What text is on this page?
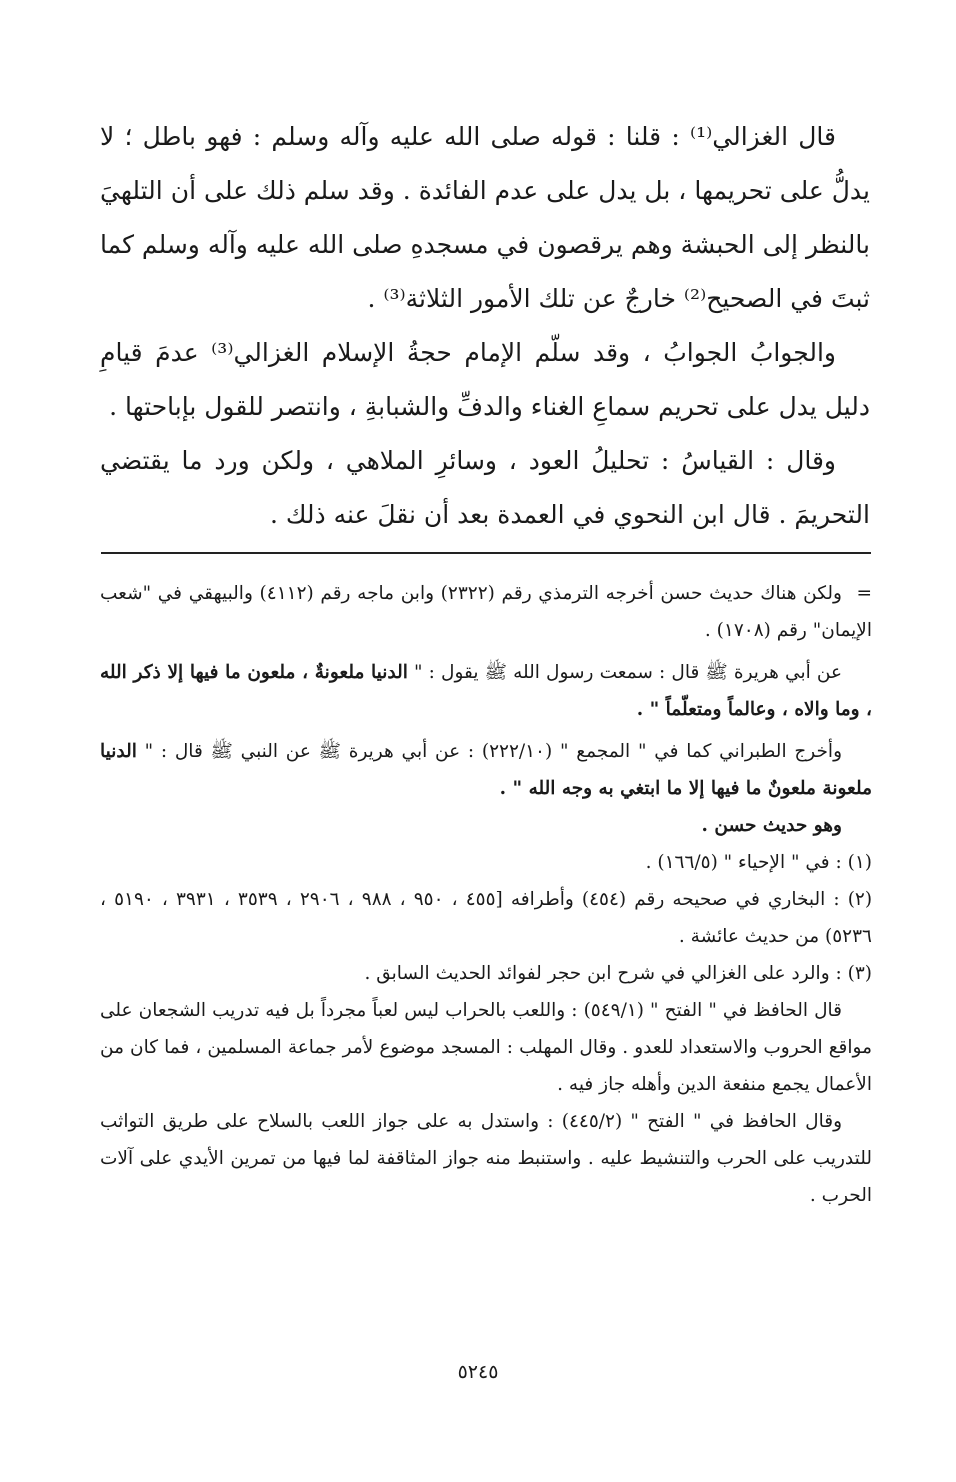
قال الغزالي⁽¹⁾ : قلنا : قوله صلى الله عليه وآله وسلم : فهو باطل ؛ لا يدلُّ على تحريمها ، بل يدل على عدم الفائدة . وقد سلم ذلك على أن التلهيَ بالنظر إلى الحبشة وهم يرقصون في مسجدهِ صلى الله عليه وآله وسلم كما ثبتَ في الصحيح⁽²⁾ خارجٌ عن تلك الأمور الثلاثة⁽³⁾ .

والجوابُ الجوابُ ، وقد سلّم الإمام حجةُ الإسلام الغزالي⁽³⁾ عدمَ قيامِ دليل يدل على تحريم سماعِ الغناء والدفِّ والشبابةِ ، وانتصر للقول بإباحتها .

وقال : القياسُ : تحليلُ العود ، وسائرِ الملاهي ، ولكن ورد ما يقتضي التحريمَ . قال ابن النحوي في العمدة بعد أن نقلَ عنه ذلك .

=ولكن هناك حديث حسن أخرجه الترمذي رقم (٢٣٢٢) وابن ماجه رقم (٤١١٢) والبيهقي في "شعب الإيمان" رقم (١٧٠٨) .

عن أبي هريرة ﷺ قال : سمعت رسول الله ﷺ يقول : " الدنيا ملعونةٌ ، ملعون ما فيها إلا ذكر الله ، وما والاه ، وعالماً ومتعلّماً " .

وأخرج الطبراني كما في " المجمع " (٢٢٢/١٠) : عن أبي هريرة ﷺ عن النبي ﷺ قال : " الدنيا ملعونة ملعونٌ ما فيها إلا ما ابتغي به وجه الله " .

وهو حديث حسن .

(١) : في " الإحياء " (١٦٦/٥) .

(٢) : البخاري في صحيحه رقم (٤٥٤) وأطرافه [٤٥٥ ، ٩٥٠ ، ٩٨٨ ، ٢٩٠٦ ، ٣٥٣٩ ، ٣٩٣١ ، ٥١٩٠ ، ٥٢٣٦) من حديث عائشة .

(٣) : والرد على الغزالي في شرح ابن حجر لفوائد الحديث السابق .

قال الحافظ في " الفتح " (٥٤٩/١) : واللعب بالحراب ليس لعباً مجرداً بل فيه تدريب الشجعان على مواقع الحروب والاستعداد للعدو . وقال المهلب : المسجد موضوع لأمر جماعة المسلمين ، فما كان من الأعمال يجمع منفعة الدين وأهله جاز فيه .

وقال الحافظ في " الفتح " (٤٤٥/٢) : واستدل به على جواز اللعب بالسلاح على طريق التواثب للتدريب على الحرب والتنشيط عليه . واستنبط منه جواز المثاقفة لما فيها من تمرين الأيدي على آلات الحرب .

٥٢٤٥
